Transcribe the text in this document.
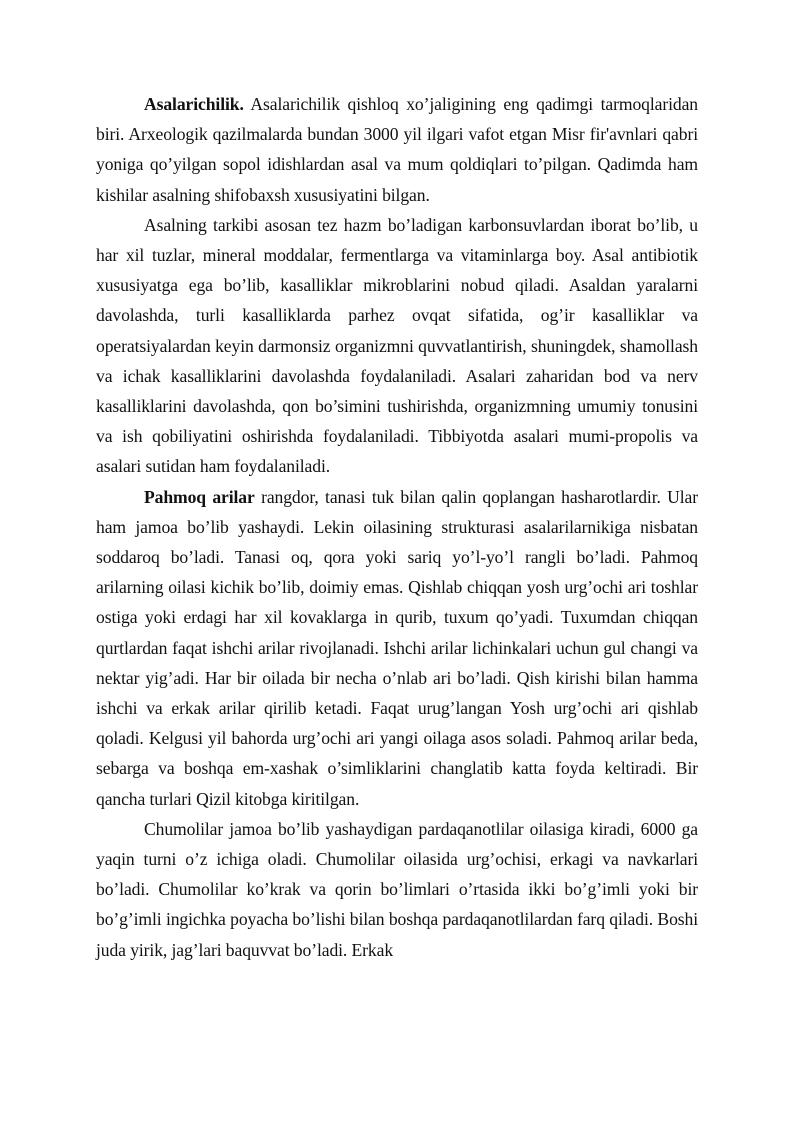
Asalarichilik. Asalarichilik qishloq xo’jaligining eng qadimgi tarmoqlaridan biri. Arxeologik qazilmalarda bundan 3000 yil ilgari vafot etgan Misr fir'avnlari qabri yoniga qo’yilgan sopol idishlardan asal va mum qoldiqlari to’pilgan. Qadimda ham kishilar asalning shifobaxsh xususiyatini bilgan.

Asalning tarkibi asosan tez hazm bo’ladigan karbonsuvlardan iborat bo’lib, u har xil tuzlar, mineral moddalar, fermentlarga va vitaminlarga boy. Asal antibiotik xususiyatga ega bo’lib, kasalliklar mikroblarini nobud qiladi. Asaldan yaralarni davolashda, turli kasalliklarda parhez ovqat sifatida, og’ir kasalliklar va operatsiyalardan keyin darmonsiz organizmni quvvatlantirish, shuningdek, shamollash va ichak kasalliklarini davolashda foydalaniladi. Asalari zaharidan bod va nerv kasalliklarini davolashda, qon bo’simini tushirishda, organizmning umumiy tonusini va ish qobiliyatini oshirishda foydalaniladi. Tibbiyotda asalari mumi-propolis va asalari sutidan ham foydalaniladi.

Pahmoq arilar rangdor, tanasi tuk bilan qalin qoplangan hasharotlardir. Ular ham jamoa bo’lib yashaydi. Lekin oilasining strukturasi asalarilarnikiga nisbatan soddaroq bo’ladi. Tanasi oq, qora yoki sariq yo’l-yo’l rangli bo’ladi. Pahmoq arilarning oilasi kichik bo’lib, doimiy emas. Qishlab chiqqan yosh urg’ochi ari toshlar ostiga yoki erdagi har xil kovaklarga in qurib, tuxum qo’yadi. Tuxumdan chiqqan qurtlardan faqat ishchi arilar rivojlanadi. Ishchi arilar lichinkalari uchun gul changi va nektar yig’adi. Har bir oilada bir necha o’nlab ari bo’ladi. Qish kirishi bilan hamma ishchi va erkak arilar qirilib ketadi. Faqat urug’langan Yosh urg’ochi ari qishlab qoladi. Kelgusi yil bahorda urg’ochi ari yangi oilaga asos soladi. Pahmoq arilar beda, sebarga va boshqa em-xashak o’simliklarini changlatib katta foyda keltiradi. Bir qancha turlari Qizil kitobga kiritilgan.

Chumolilar jamoa bo’lib yashaydigan pardaqanotlilar oilasiga kiradi, 6000 ga yaqin turni o’z ichiga oladi. Chumolilar oilasida urg’ochisi, erkagi va navkarlari bo’ladi. Chumolilar ko’krak va qorin bo’limlari o’rtasida ikki bo’g’imli yoki bir bo’g’imli ingichka poyacha bo’lishi bilan boshqa pardaqanotlilardan farq qiladi. Boshi juda yirik, jag’lari baquvvat bo’ladi. Erkak
